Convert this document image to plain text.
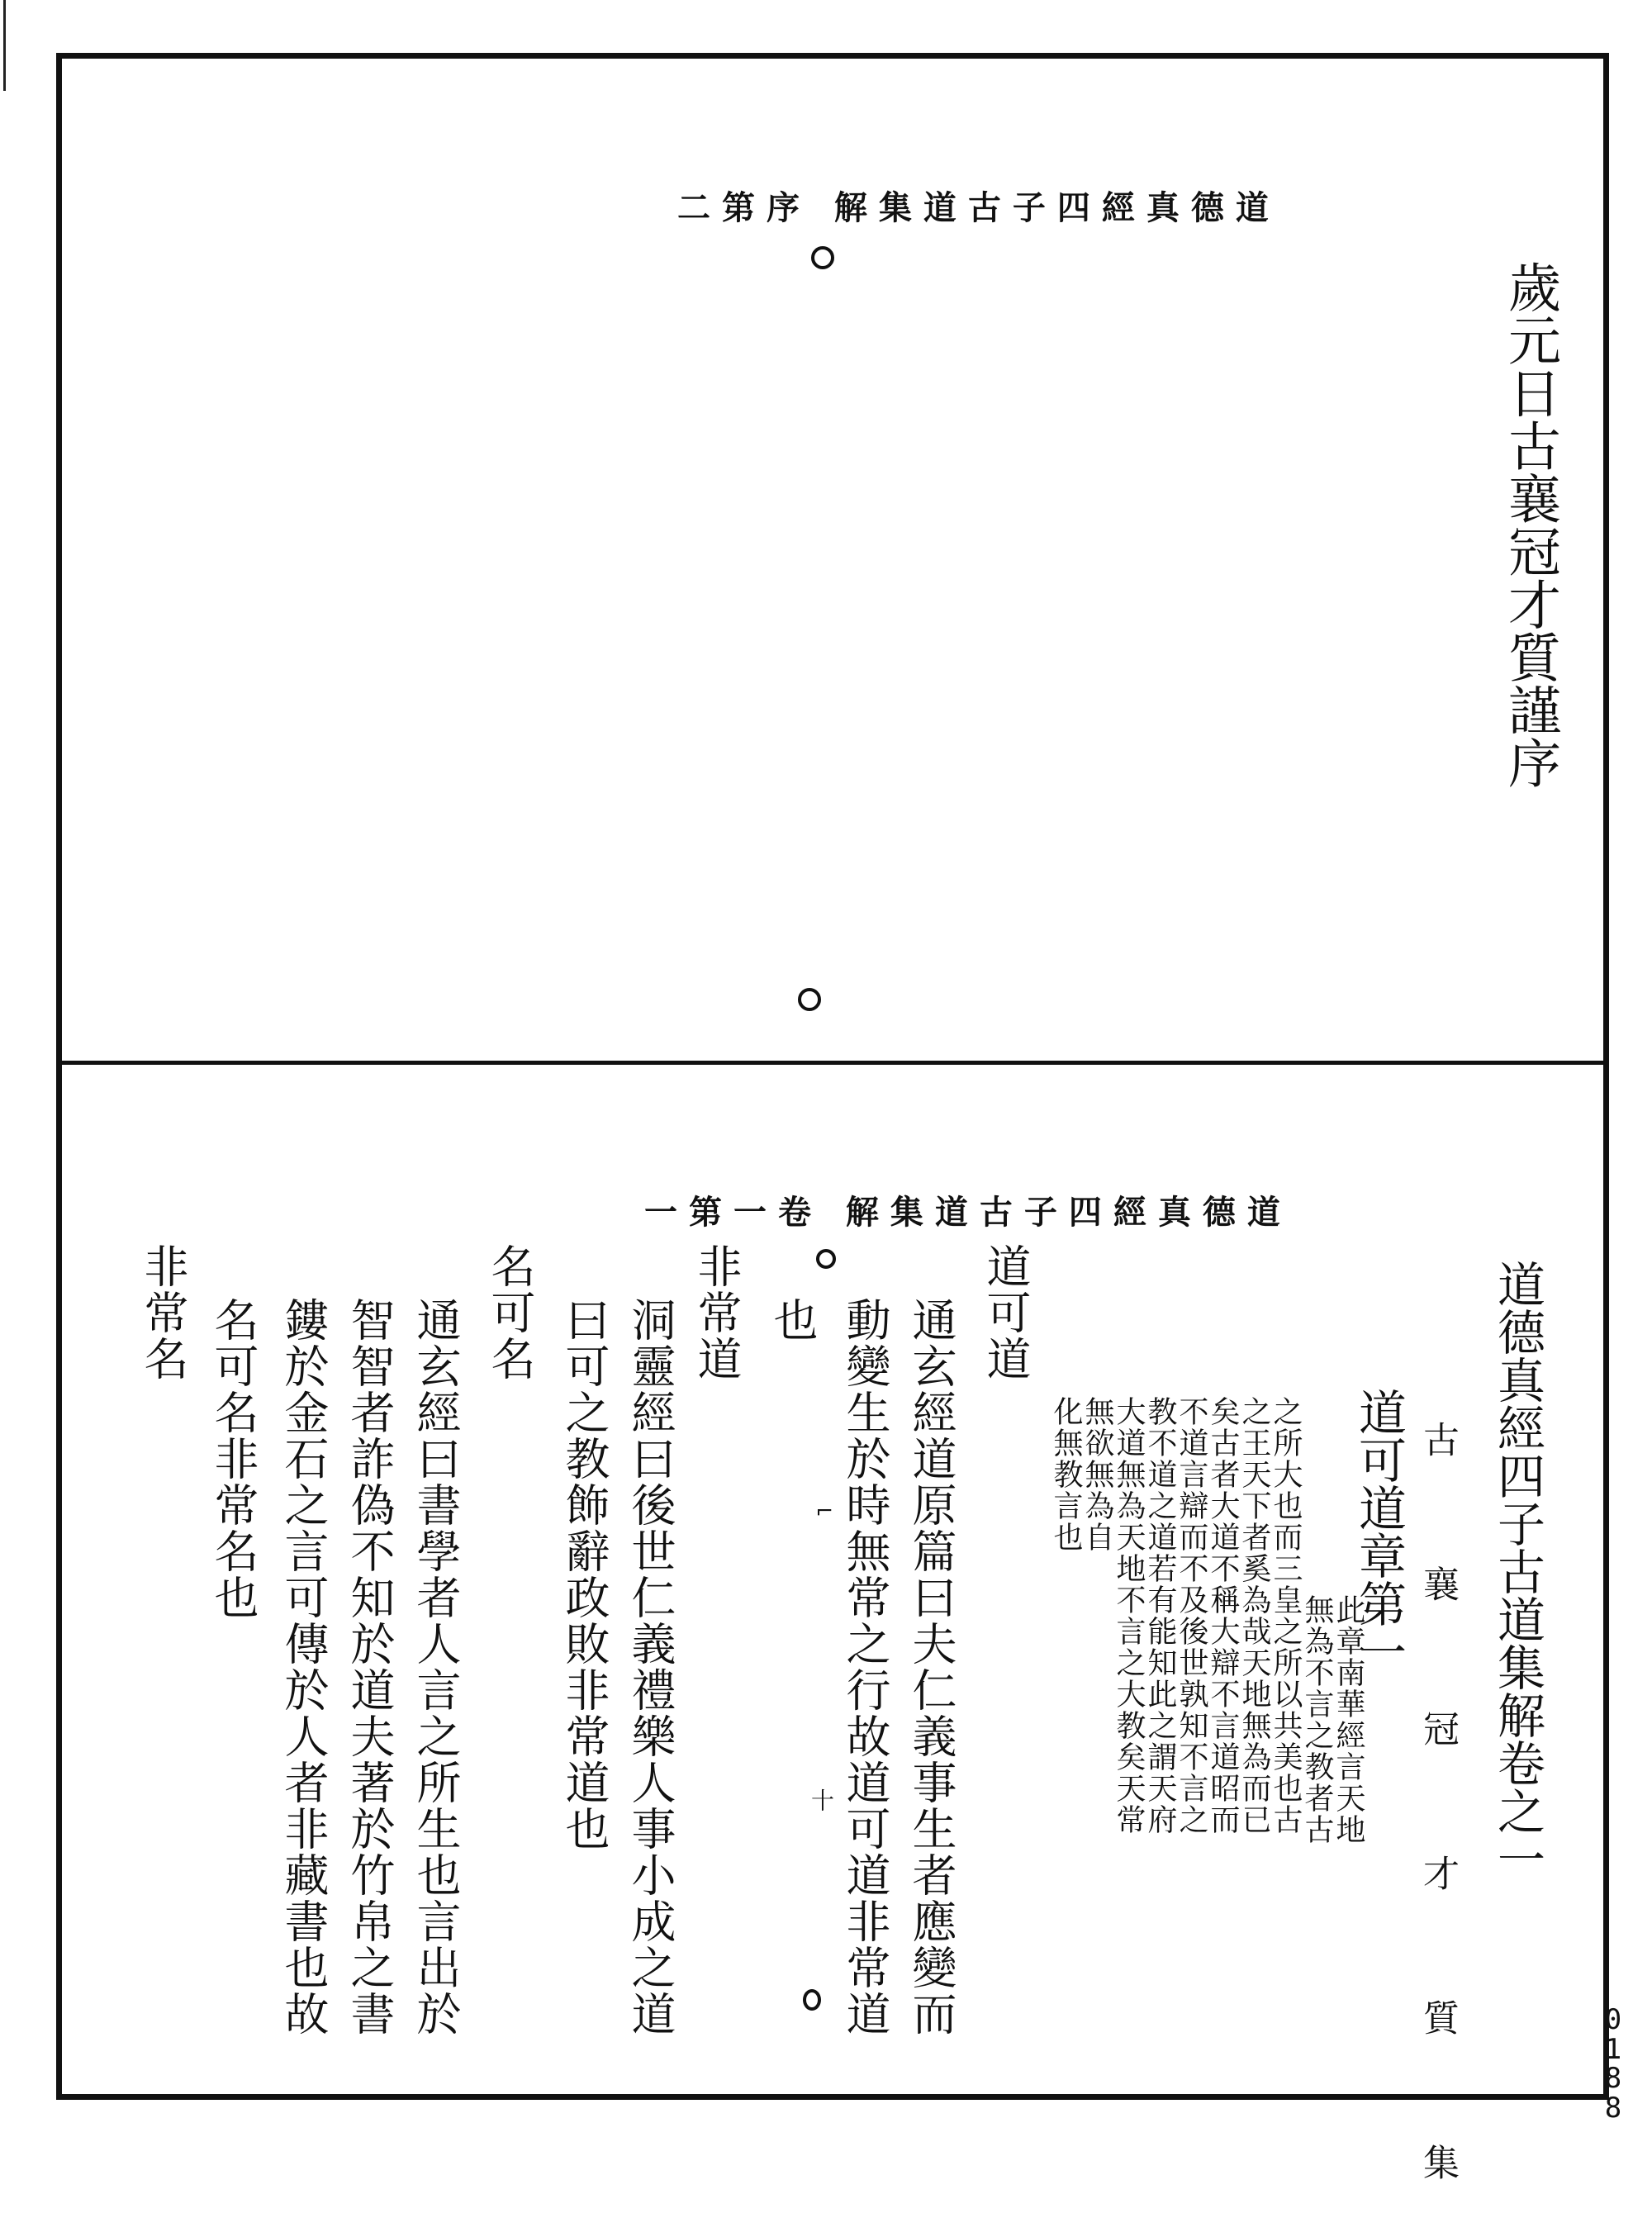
道德真經四子古道集解 序第二
歲元日古襄冠才質謹序
道德真經四子古道集解 卷一第一
道德真經四子古道集解卷之一
古 襄 冠 才 質 集
道可道章第一
此章南華經言天地
無為不言之教者古
之所大也而三皇之所以共美也古
之王天下者奚為哉天地無為而已
矣古者大道不稱大辯不言道昭而
不道言辯而不及後世孰知不言之
教不道之道若有能知此之謂天府
大道無為天地不言之大教矣天常
無欲無為自
化無教言也
道可道
通玄經道原篇曰夫仁義事生者應變而
動變生於時無常之行故道可道非常道
也
非常道
洞靈經曰後世仁義禮樂人事小成之道
曰可之教飾辭政敗非常道也
名可名
通玄經曰書學者人言之所生也言出於
智智者詐偽不知於道夫著於竹帛之書
鏤於金石之言可傳於人者非藏書也故
名可名非常名也
非常名
⌐
十
0188
